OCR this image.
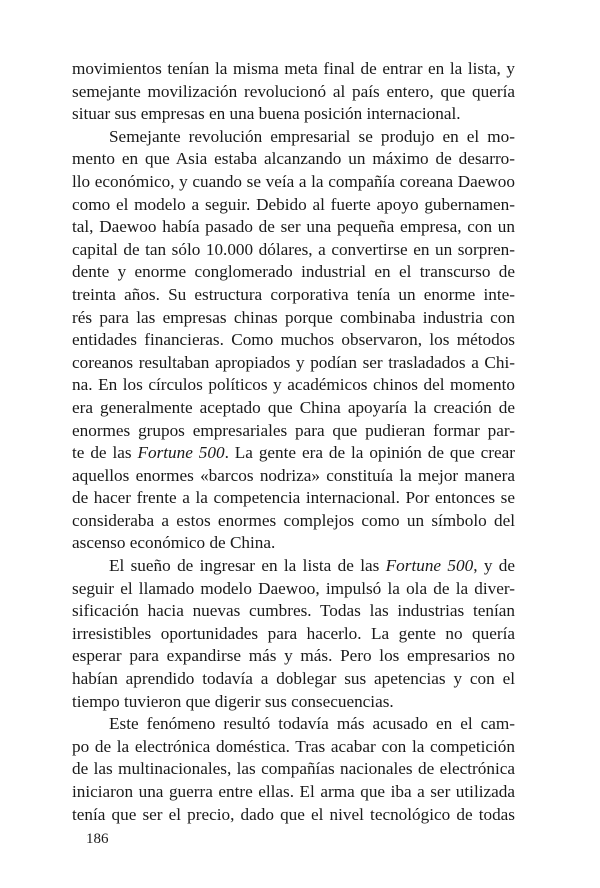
movimientos tenían la misma meta final de entrar en la lista, y
semejante movilización revolucionó al país entero, que quería
situar sus empresas en una buena posición internacional.
Semejante revolución empresarial se produjo en el mo-
mento en que Asia estaba alcanzando un máximo de desarro-
llo económico, y cuando se veía a la compañía coreana Daewoo
como el modelo a seguir. Debido al fuerte apoyo gubernamen-
tal, Daewoo había pasado de ser una pequeña empresa, con un
capital de tan sólo 10.000 dólares, a convertirse en un sorpren-
dente y enorme conglomerado industrial en el transcurso de
treinta años. Su estructura corporativa tenía un enorme inte-
rés para las empresas chinas porque combinaba industria con
entidades financieras. Como muchos observaron, los métodos
coreanos resultaban apropiados y podían ser trasladados a Chi-
na. En los círculos políticos y académicos chinos del momento
era generalmente aceptado que China apoyaría la creación de
enormes grupos empresariales para que pudieran formar par-
te de las Fortune 500. La gente era de la opinión de que crear
aquellos enormes «barcos nodriza» constituía la mejor manera
de hacer frente a la competencia internacional. Por entonces se
consideraba a estos enormes complejos como un símbolo del
ascenso económico de China.
El sueño de ingresar en la lista de las Fortune 500, y de
seguir el llamado modelo Daewoo, impulsó la ola de la diver-
sificación hacia nuevas cumbres. Todas las industrias tenían
irresistibles oportunidades para hacerlo. La gente no quería
esperar para expandirse más y más. Pero los empresarios no
habían aprendido todavía a doblegar sus apetencias y con el
tiempo tuvieron que digerir sus consecuencias.
Este fenómeno resultó todavía más acusado en el cam-
po de la electrónica doméstica. Tras acabar con la competición
de las multinacionales, las compañías nacionales de electrónica
iniciaron una guerra entre ellas. El arma que iba a ser utilizada
tenía que ser el precio, dado que el nivel tecnológico de todas
186
